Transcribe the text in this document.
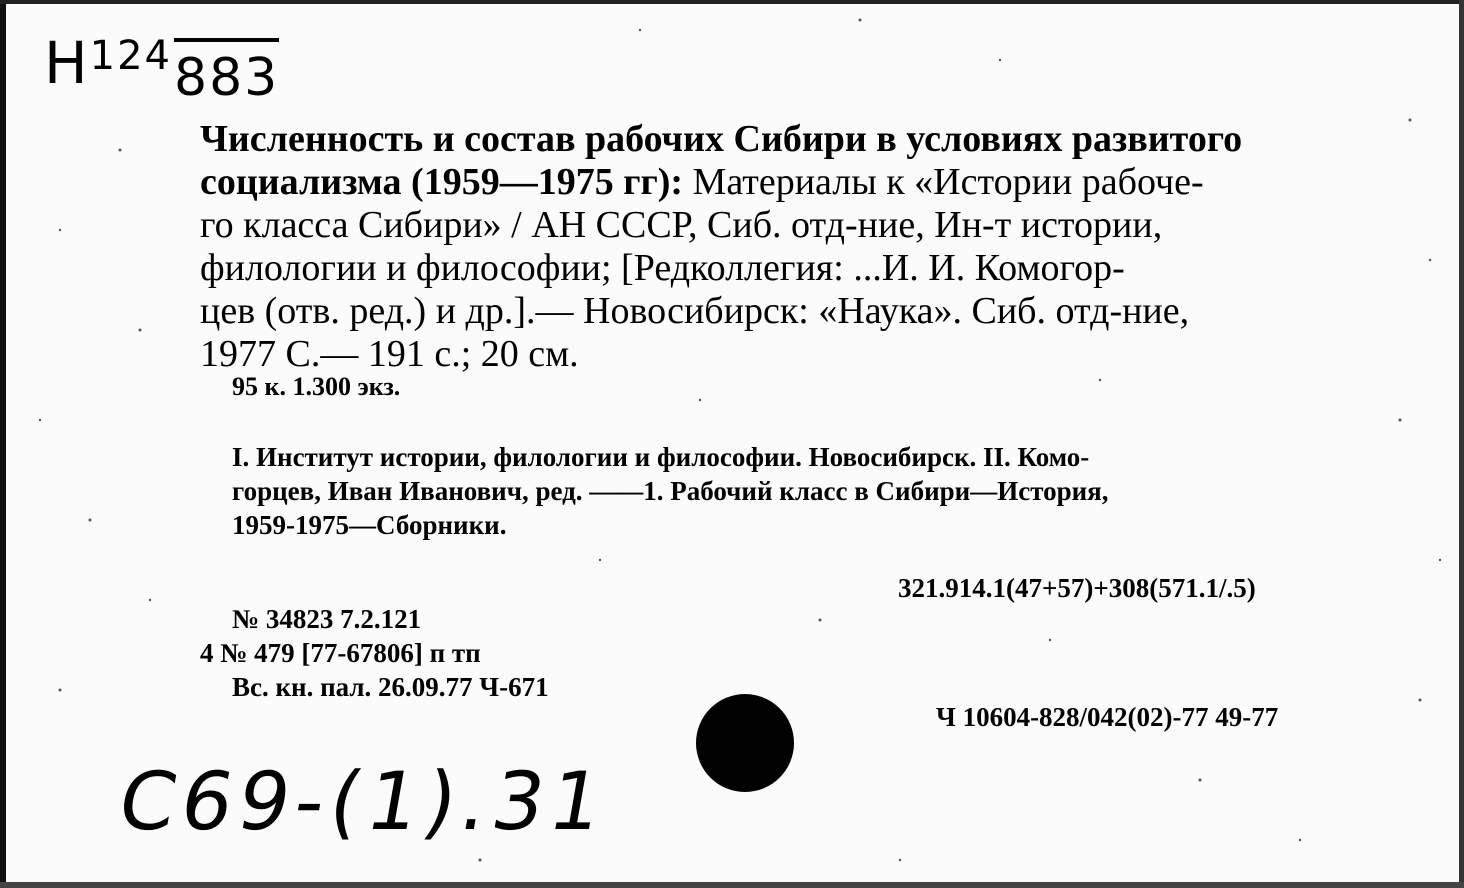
$Н^{124}883$
Численность и состав рабочих Сибири в условиях развитого
социализма (1959—1975 гг): Материалы к «Истории рабоче-
го класса Сибири» / АН СССР, Сиб. отд-ние, Ин-т истории,
филологии и философии; [Редколлегия: ...И. И. Комогор-
цев (отв. ред.) и др.].— Новосибирск: «Наука». Сиб. отд-ние,
1977 С.— 191 с.; 20 см.
95 к. 1.300 экз.
I. Институт истории, филологии и философии. Новосибирск. II. Комо-
горцев, Иван Иванович, ред. ——1. Рабочий класс в Сибири—История,
1959-1975—Сборники.
321.914.1(47+57)+308(571.1/.5)
№ 34823 7.2.121
4 № 479 [77-67806] п тп
Вс. кн. пал. 26.09.77 Ч-671
Ч 10604-828/042(02)-77 49-77
С69-(1).31
